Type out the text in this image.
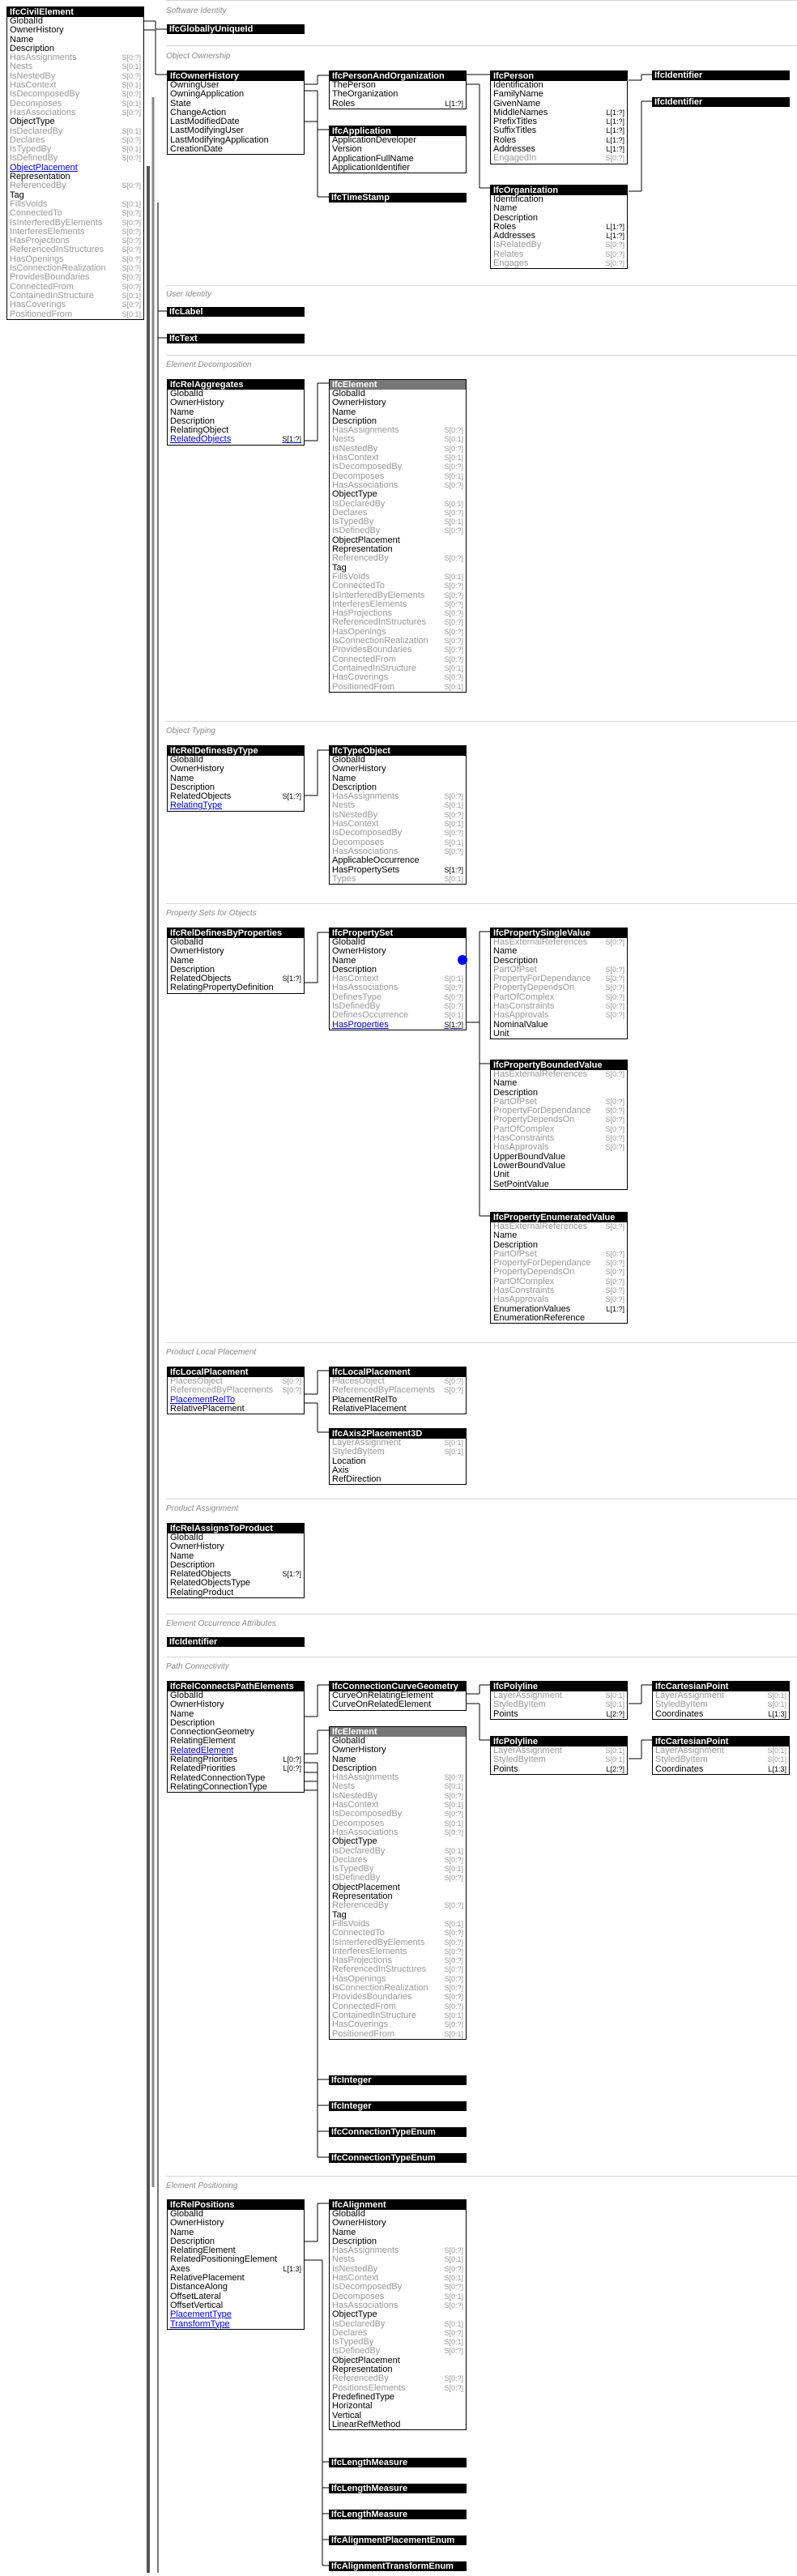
Software Identity
Object Ownership
User Identity
Element Decomposition
Object Typing
Property Sets for Objects
Product Local Placement
Product Assignment
Element Occurrence Attributes
Path Connectivity
Element Positioning
IfcCivilElement
GlobalId
OwnerHistory
Name
Description
HasAssignments	S[0:?]
Nests	S[0:1]
IsNestedBy	S[0:?]
HasContext	S[0:1]
IsDecomposedBy	S[0:?]
Decomposes	S[0:1]
HasAssociations	S[0:?]
ObjectType
IsDeclaredBy	S[0:1]
Declares	S[0:?]
IsTypedBy	S[0:1]
IsDefinedBy	S[0:?]
ObjectPlacement
Representation
ReferencedBy	S[0:?]
Tag
FillsVoids	S[0:1]
ConnectedTo	S[0:?]
IsInterferedByElements	S[0:?]
InterferesElements	S[0:?]
HasProjections	S[0:?]
ReferencedInStructures S[0:?]
HasOpenings	S[0:?]
IsConnectionRealization S[0:?]
ProvidesBoundaries	S[0:?]
ConnectedFrom	S[0:?]
ContainedInStructure	S[0:1]
HasCoverings	S[0:?]
PositionedFrom	S[0:1]
IfcOwnerHistory
OwningUser
OwningApplication
State
ChangeAction
LastModifiedDate
LastModifyingUser
LastModifyingApplication
CreationDate
IfcPersonAndOrganization
ThePerson
TheOrganization
Roles	L[1:?]
IfcApplication
ApplicationDeveloper
Version
ApplicationFullName
ApplicationIdentifier
IfcPerson
Identification
FamilyName
GivenName
MiddleNames	L[1:?]
PrefixTitles	L[1:?]
SuffixTitles	L[1:?]
Roles	L[1:?]
Addresses	L[1:?]
EngagedIn	S[0:?]
IfcOrganization
Identification
Name
Description
Roles	L[1:?]
Addresses	L[1:?]
IsRelatedBy	S[0:?]
Relates	S[0:?]
Engages	S[0:?]
IfcRelAggregates
GlobalId
OwnerHistory
Name
Description
RelatingObject
RelatedObjects	S[1:?]
IfcElement
GlobalId
OwnerHistory
Name
Description
HasAssignments	S[0:?]
Nests	S[0:1]
IsNestedBy	S[0:?]
HasContext	S[0:1]
IsDecomposedBy	S[0:?]
Decomposes	S[0:1]
HasAssociations	S[0:?]
ObjectType
IsDeclaredBy	S[0:1]
Declares	S[0:?]
IsTypedBy	S[0:1]
IsDefinedBy	S[0:?]
ObjectPlacement
Representation
ReferencedBy	S[0:?]
Tag
FillsVoids	S[0:1]
ConnectedTo	S[0:?]
IsInterferedByElements	S[0:?]
InterferesElements	S[0:?]
HasProjections	S[0:?]
ReferencedInStructures S[0:?]
HasOpenings	S[0:?]
IsConnectionRealization S[0:?]
ProvidesBoundaries	S[0:?]
ConnectedFrom	S[0:?]
ContainedInStructure	S[0:1]
HasCoverings	S[0:?]
PositionedFrom	S[0:1]
IfcRelDefinesByType
GlobalId
OwnerHistory
Name
Description
RelatedObjects	S[1:?]
RelatingType
IfcTypeObject
GlobalId
OwnerHistory
Name
Description
HasAssignments	S[0:?]
Nests	S[0:1]
IsNestedBy	S[0:?]
HasContext	S[0:1]
IsDecomposedBy	S[0:?]
Decomposes	S[0:1]
HasAssociations	S[0:?]
ApplicableOccurrence
HasPropertySets	S[1:?]
Types	S[0:1]
IfcRelDefinesByProperties
GlobalId
OwnerHistory
Name
Description
RelatedObjects	S[1:?]
RelatingPropertyDefinition
IfcPropertySet
GlobalId
OwnerHistory
Name
Description
HasContext	S[0:1]
HasAssociations	S[0:?]
DefinesType	S[0:?]
IsDefinedBy	S[0:?]
DefinesOccurrence	S[0:1]
HasProperties	S[1:?]
IfcPropertySingleValue
HasExternalReferences S[0:?]
Name
Description
PartOfPset	S[0:?]
PropertyForDependance S[0:?]
PropertyDependsOn	S[0:?]
PartOfComplex	S[0:?]
HasConstraints	S[0:?]
HasApprovals	S[0:?]
NominalValue
Unit
IfcPropertyBoundedValue
HasExternalReferences S[0:?]
Name
Description
PartOfPset	S[0:?]
PropertyForDependance S[0:?]
PropertyDependsOn	S[0:?]
PartOfComplex	S[0:?]
HasConstraints	S[0:?]
HasApprovals	S[0:?]
UpperBoundValue
LowerBoundValue
Unit
SetPointValue
IfcPropertyEnumeratedValue
HasExternalReferences S[0:?]
Name
Description
PartOfPset	S[0:?]
PropertyForDependance S[0:?]
PropertyDependsOn	S[0:?]
PartOfComplex	S[0:?]
HasConstraints	S[0:?]
HasApprovals	S[0:?]
EnumerationValues	L[1:?]
EnumerationReference
IfcLocalPlacement
PlacesObject	S[0:?]
ReferencedByPlacements S[0:?]
PlacementRelTo
RelativePlacement
IfcLocalPlacement
PlacesObject	S[0:?]
ReferencedByPlacements S[0:?]
PlacementRelTo
RelativePlacement
IfcAxis2Placement3D
LayerAssignment	S[0:1]
StyledByItem	S[0:1]
Location
Axis
RefDirection
IfcRelAssignsToProduct
GlobalId
OwnerHistory
Name
Description
RelatedObjects	S[1:?]
RelatedObjectsType
RelatingProduct
IfcRelConnectsPathElements
GlobalId
OwnerHistory
Name
Description
ConnectionGeometry
RelatingElement
RelatedElement
RelatingPriorities	L[0:?]
RelatedPriorities	L[0:?]
RelatedConnectionType
RelatingConnectionType
IfcConnectionCurveGeometry
CurveOnRelatingElement
CurveOnRelatedElement
IfcPolyline
LayerAssignment	S[0:1]
StyledByItem	S[0:1]
Points	L[2:?]
IfcCartesianPoint
LayerAssignment	S[0:1]
StyledByItem	S[0:1]
Coordinates	L[1:3]
IfcPolyline
LayerAssignment	S[0:1]
StyledByItem	S[0:1]
Points	L[2:?]
IfcCartesianPoint
LayerAssignment	S[0:1]
StyledByItem	S[0:1]
Coordinates	L[1:3]
IfcElement
GlobalId
OwnerHistory
Name
Description
HasAssignments	S[0:?]
Nests	S[0:1]
IsNestedBy	S[0:?]
HasContext	S[0:1]
IsDecomposedBy	S[0:?]
Decomposes	S[0:1]
HasAssociations	S[0:?]
ObjectType
IsDeclaredBy	S[0:1]
Declares	S[0:?]
IsTypedBy	S[0:1]
IsDefinedBy	S[0:?]
ObjectPlacement
Representation
ReferencedBy	S[0:?]
Tag
FillsVoids	S[0:1]
ConnectedTo	S[0:?]
IsInterferedByElements	S[0:?]
InterferesElements	S[0:?]
HasProjections	S[0:?]
ReferencedInStructures S[0:?]
HasOpenings	S[0:?]
IsConnectionRealization S[0:?]
ProvidesBoundaries	S[0:?]
ConnectedFrom	S[0:?]
ContainedInStructure	S[0:1]
HasCoverings	S[0:?]
PositionedFrom	S[0:1]
IfcRelPositions
GlobalId
OwnerHistory
Name
Description
RelatingElement
RelatedPositioningElement
Axes	L[1:3]
RelativePlacement
DistanceAlong
OffsetLateral
OffsetVertical
PlacementType
TransformType
IfcAlignment
GlobalId
OwnerHistory
Name
Description
HasAssignments	S[0:?]
Nests	S[0:1]
IsNestedBy	S[0:?]
HasContext	S[0:1]
IsDecomposedBy	S[0:?]
Decomposes	S[0:1]
HasAssociations	S[0:?]
ObjectType
IsDeclaredBy	S[0:1]
Declares	S[0:?]
IsTypedBy	S[0:1]
IsDefinedBy	S[0:?]
ObjectPlacement
Representation
ReferencedBy	S[0:?]
PositionsElements	S[0:?]
PredefinedType
Horizontal
Vertical
LinearRefMethod
IfcGloballyUniqueId
IfcIdentifier
IfcIdentifier
IfcTimeStamp
IfcLabel
IfcText
IfcIdentifier
IfcInteger
IfcInteger
IfcConnectionTypeEnum
IfcConnectionTypeEnum
IfcLengthMeasure
IfcLengthMeasure
IfcLengthMeasure
IfcAlignmentPlacementEnum
IfcAlignmentTransformEnum
